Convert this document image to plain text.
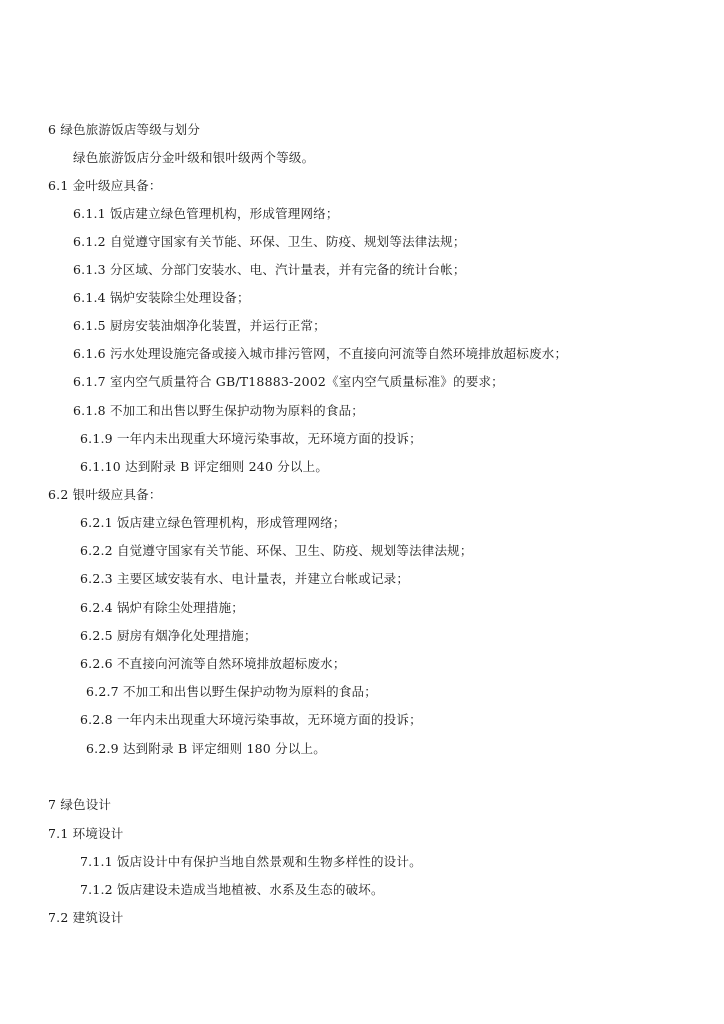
6 绿色旅游饭店等级与划分
绿色旅游饭店分金叶级和银叶级两个等级。
6.1 金叶级应具备：
6.1.1 饭店建立绿色管理机构，形成管理网络；
6.1.2 自觉遵守国家有关节能、环保、卫生、防疫、规划等法律法规；
6.1.3 分区域、分部门安装水、电、汽计量表，并有完备的统计台帐；
6.1.4 锅炉安装除尘处理设备；
6.1.5 厨房安装油烟净化装置，并运行正常；
6.1.6 污水处理设施完备或接入城市排污管网，不直接向河流等自然环境排放超标废水；
6.1.7 室内空气质量符合 GB/T18883-2002《室内空气质量标准》的要求；
6.1.8 不加工和出售以野生保护动物为原料的食品；
6.1.9 一年内未出现重大环境污染事故，无环境方面的投诉；
6.1.10 达到附录 B 评定细则 240 分以上。
6.2 银叶级应具备：
6.2.1 饭店建立绿色管理机构，形成管理网络；
6.2.2 自觉遵守国家有关节能、环保、卫生、防疫、规划等法律法规；
6.2.3 主要区域安装有水、电计量表，并建立台帐或记录；
6.2.4 锅炉有除尘处理措施；
6.2.5 厨房有烟净化处理措施；
6.2.6 不直接向河流等自然环境排放超标废水；
6.2.7 不加工和出售以野生保护动物为原料的食品；
6.2.8 一年内未出现重大环境污染事故，无环境方面的投诉；
6.2.9 达到附录 B 评定细则 180 分以上。
7 绿色设计
7.1 环境设计
7.1.1 饭店设计中有保护当地自然景观和生物多样性的设计。
7.1.2 饭店建设未造成当地植被、水系及生态的破坏。
7.2 建筑设计
